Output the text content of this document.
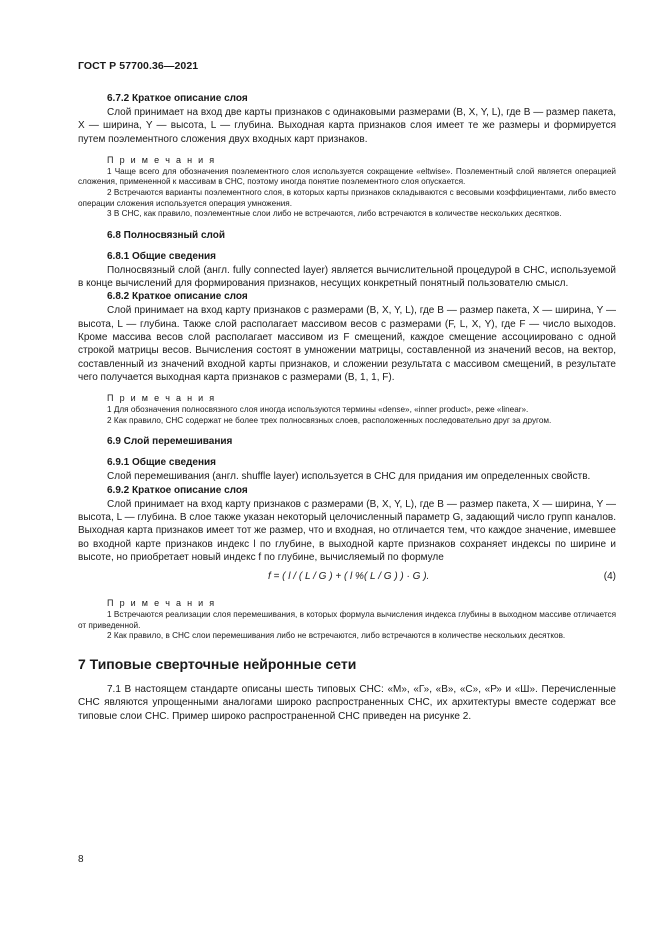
ГОСТ Р 57700.36—2021
6.7.2 Краткое описание слоя

Слой принимает на вход две карты признаков с одинаковыми размерами (B, X, Y, L), где B — размер пакета, X — ширина, Y — высота, L — глубина. Выходная карта признаков слоя имеет те же размеры и формируется путем поэлементного сложения двух входных карт признаков.

П р и м е ч а н и я

1 Чаще всего для обозначения поэлементного слоя используется сокращение «eltwise». Поэлементный слой является операцией сложения, примененной к массивам в СНС, поэтому иногда понятие поэлементного слоя опускается.

2 Встречаются варианты поэлементного слоя, в которых карты признаков складываются с весовыми коэффициентами, либо вместо операции сложения используется операция умножения.

3 В СНС, как правило, поэлементные слои либо не встречаются, либо встречаются в количестве нескольких десятков.

6.8 Полносвязный слой
6.8.1 Общие сведения

Полносвязный слой (англ. fully connected layer) является вычислительной процедурой в СНС, используемой в конце вычислений для формирования признаков, несущих конкретный понятный пользователю смысл.

6.8.2 Краткое описание слоя

Слой принимает на вход карту признаков с размерами (B, X, Y, L), где B — размер пакета, X — ширина, Y — высота, L — глубина. Также слой располагает массивом весов с размерами (F, L, X, Y), где F — число выходов. Кроме массива весов слой располагает массивом из F смещений, каждое смещение ассоциировано с одной строкой матрицы весов. Вычисления состоят в умножении матрицы, составленной из значений весов, на вектор, составленный из значений входной карты признаков, и сложении результата с массивом смещений, в результате чего получается выходная карта признаков с размерами (B, 1, 1, F).

П р и м е ч а н и я

1 Для обозначения полносвязного слоя иногда используются термины «dense», «inner product», реже «linear».

2 Как правило, СНС содержат не более трех полносвязных слоев, расположенных последовательно друг за другом.

6.9 Слой перемешивания
6.9.1 Общие сведения

Слой перемешивания (англ. shuffle layer) используется в СНС для придания им определенных свойств.

6.9.2 Краткое описание слоя

Слой принимает на вход карту признаков с размерами (B, X, Y, L), где B — размер пакета, X — ширина, Y — высота, L — глубина. В слое также указан некоторый целочисленный параметр G, задающий число групп каналов. Выходная карта признаков имеет тот же размер, что и входная, но отличается тем, что каждое значение, имевшее во входной карте признаков индекс l по глубине, в выходной карте признаков сохраняет индексы по ширине и высоте, но приобретает новый индекс f по глубине, вычисляемый по формуле

f = ( l / ( L / G ) + ( l %( L / G ) ) · G ).	(4)
П р и м е ч а н и я

1 Встречаются реализации слоя перемешивания, в которых формула вычисления индекса глубины в выходном массиве отличается от приведенной.

2 Как правило, в СНС слои перемешивания либо не встречаются, либо встречаются в количестве нескольких десятков.

7 Типовые сверточные нейронные сети

7.1 В настоящем стандарте описаны шесть типовых СНС: «М», «Г», «В», «С», «Р» и «Ш». Перечисленные СНС являются упрощенными аналогами широко распространенных СНС, их архитектуры вместе содержат все типовые слои СНС. Пример широко распространенной СНС приведен на рисунке 2.

8
